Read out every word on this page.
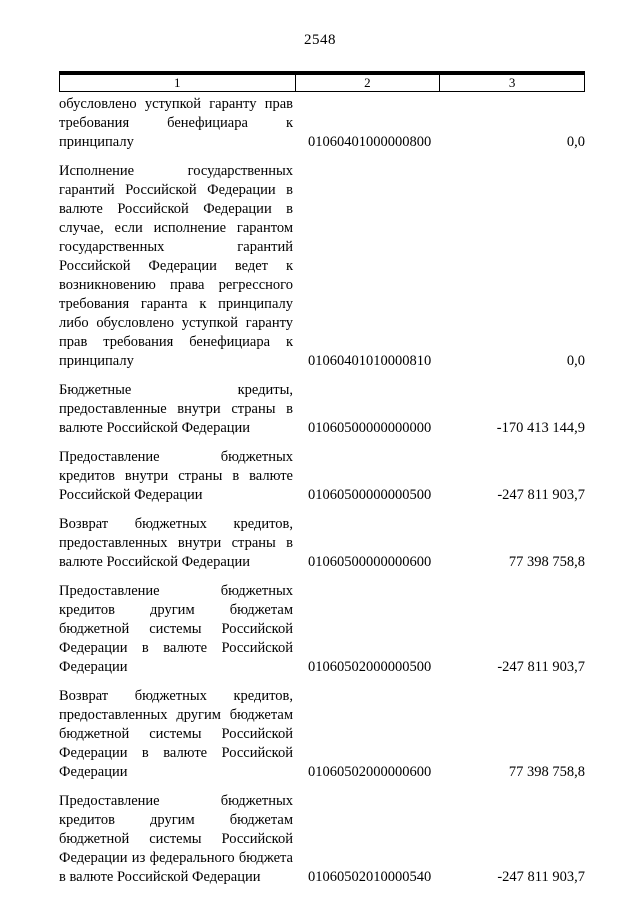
2548
1	2	3
обусловлено уступкой гаранту прав требования бенефициара к принципалу	01060401000000800	0,0
Исполнение государственных гарантий Российской Федерации в валюте Российской Федерации в случае, если исполнение гарантом государственных гарантий Российской Федерации ведет к возникновению права регрессного требования гаранта к принципалу либо обусловлено уступкой гаранту прав требования бенефициара к принципалу	01060401010000810	0,0
Бюджетные кредиты, предоставленные внутри страны в валюте Российской Федерации	01060500000000000	-170 413 144,9
Предоставление бюджетных кредитов внутри страны в валюте Российской Федерации	01060500000000500	-247 811 903,7
Возврат бюджетных кредитов, предоставленных внутри страны в валюте Российской Федерации	01060500000000600	77 398 758,8
Предоставление бюджетных кредитов другим бюджетам бюджетной системы Российской Федерации в валюте Российской Федерации	01060502000000500	-247 811 903,7
Возврат бюджетных кредитов, предоставленных другим бюджетам бюджетной системы Российской Федерации в валюте Российской Федерации	01060502000000600	77 398 758,8
Предоставление бюджетных кредитов другим бюджетам бюджетной системы Российской Федерации из федерального бюджета в валюте Российской Федерации	01060502010000540	-247 811 903,7
